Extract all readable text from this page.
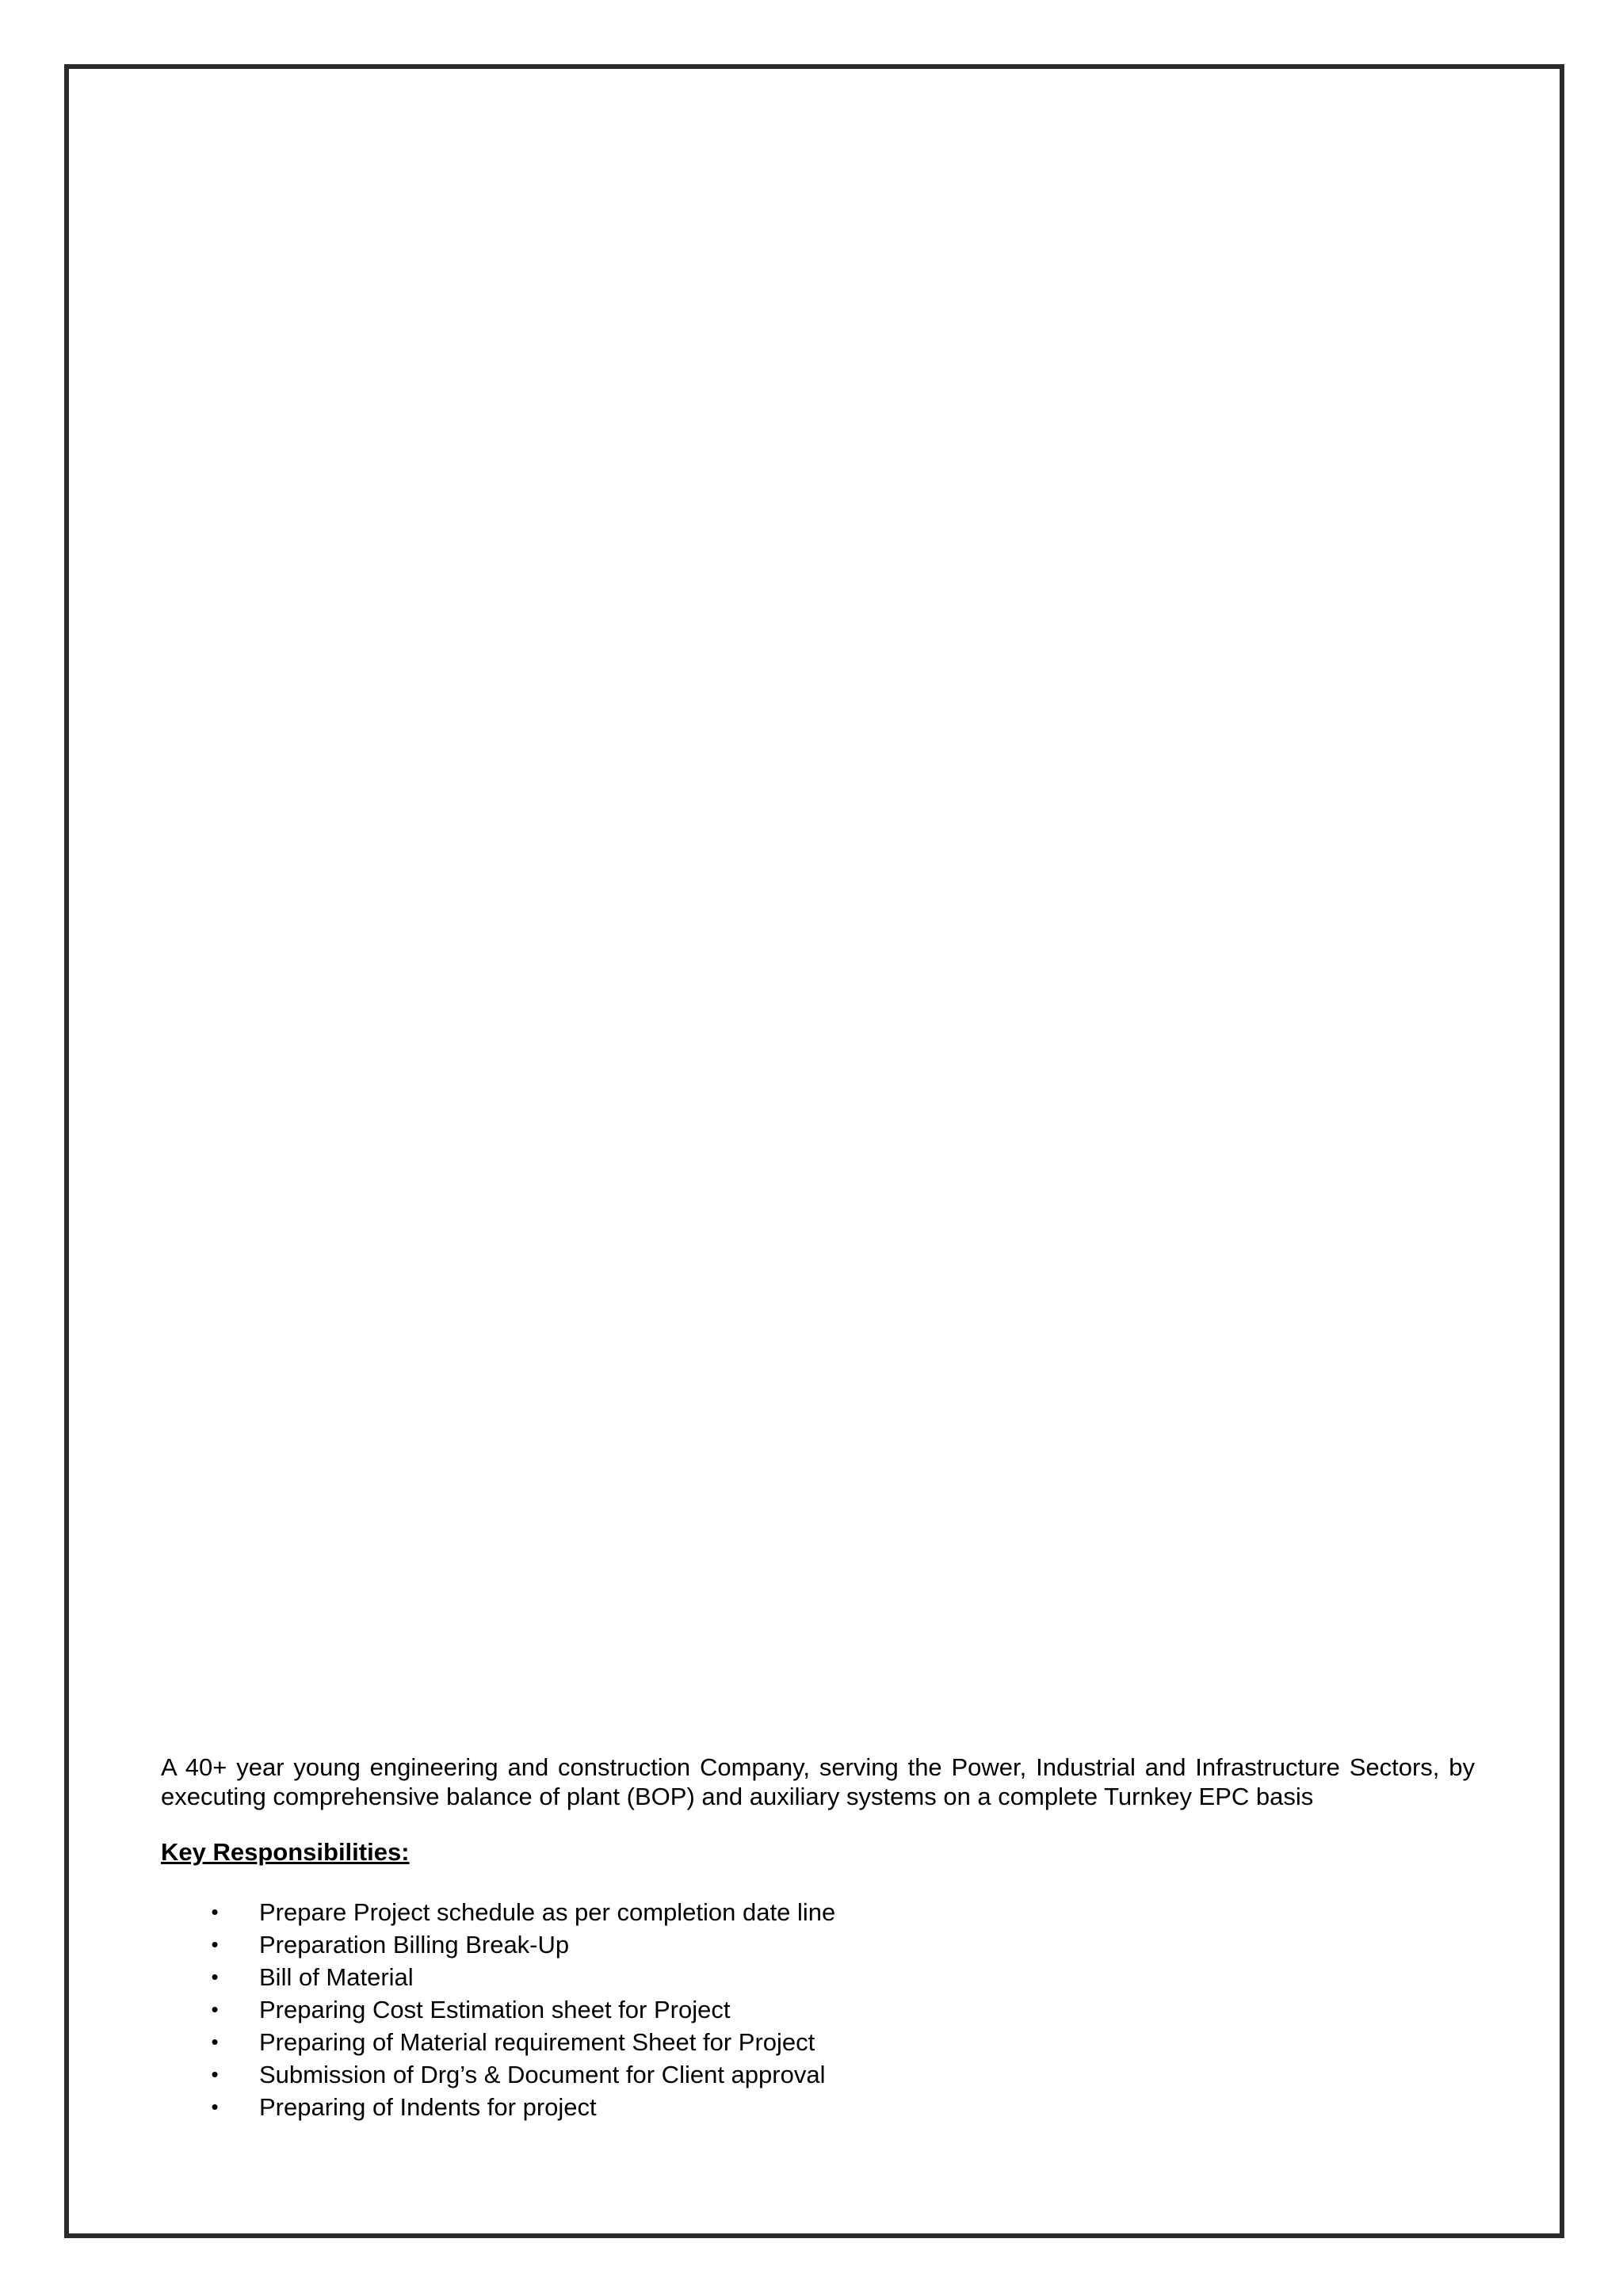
A 40+ year young engineering and construction Company, serving the Power, Industrial and Infrastructure Sectors, by executing comprehensive balance of plant (BOP) and auxiliary systems on a complete Turnkey EPC basis

Key Responsibilities:

• Prepare Project schedule as per completion date line
• Preparation Billing Break-Up
• Bill of Material
• Preparing Cost Estimation sheet for Project
• Preparing of Material requirement Sheet for Project
• Submission of Drg’s & Document for Client approval
• Preparing of Indents for project
